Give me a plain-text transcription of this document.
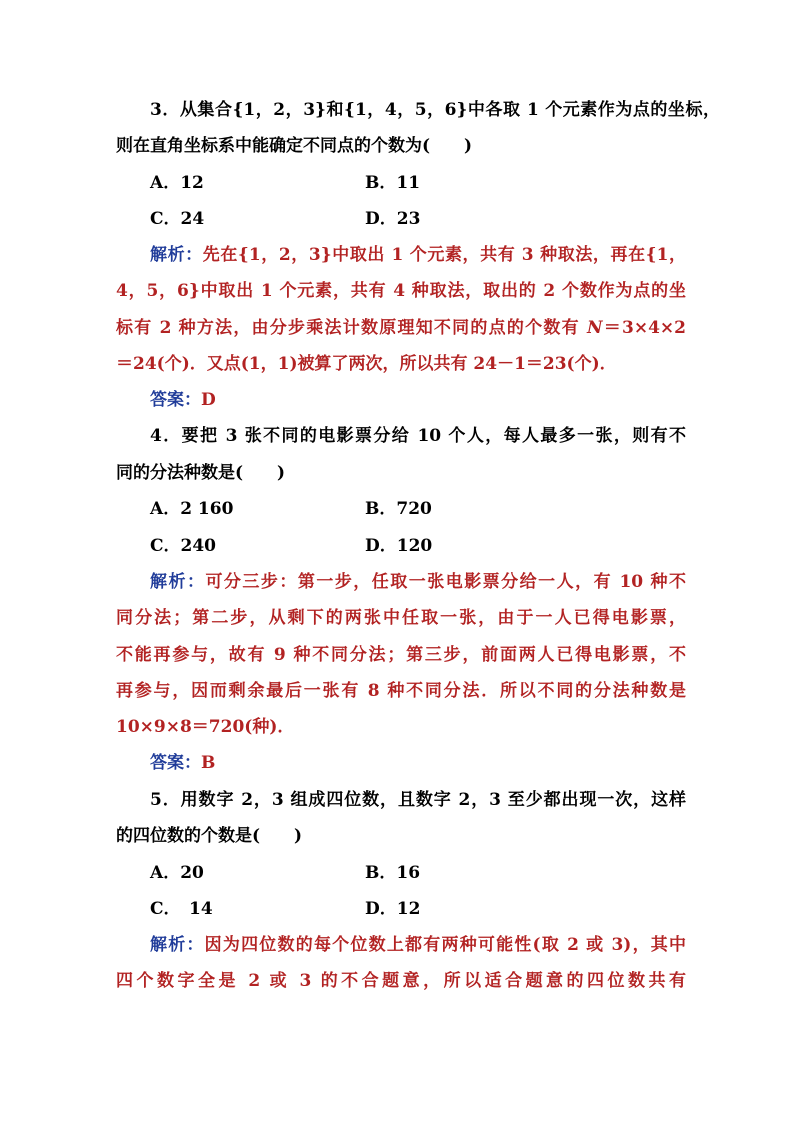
3．从集合{1，2，3}和{1，4，5，6}中各取 1 个元素作为点的坐标，
则在直角坐标系中能确定不同点的个数为(　　)
A．12	B．11
C．24	D．23
解析：先在{1，2，3}中取出 1 个元素，共有 3 种取法，再在{1，
4，5，6}中取出 1 个元素，共有 4 种取法，取出的 2 个数作为点的坐
标有 2 种方法，由分步乘法计数原理知不同的点的个数有 N＝3×4×2
＝24(个)．又点(1，1)被算了两次，所以共有 24－1＝23(个)．
答案：D
4．要把 3 张不同的电影票分给 10 个人，每人最多一张，则有不
同的分法种数是(　　)
A．2 160	B．720
C．240	D．120
解析：可分三步：第一步，任取一张电影票分给一人，有 10 种不
同分法；第二步，从剩下的两张中任取一张，由于一人已得电影票，
不能再参与，故有 9 种不同分法；第三步，前面两人已得电影票，不
再参与，因而剩余最后一张有 8 种不同分法．所以不同的分法种数是
10×9×8＝720(种)．
答案：B
5．用数字 2，3 组成四位数，且数字 2，3 至少都出现一次，这样
的四位数的个数是(　　)
A．20	B．16
C．　14	D．12
解析：因为四位数的每个位数上都有两种可能性(取 2 或 3)，其中
四个数字全是 2 或 3 的不合题意，所以适合题意的四位数共有
